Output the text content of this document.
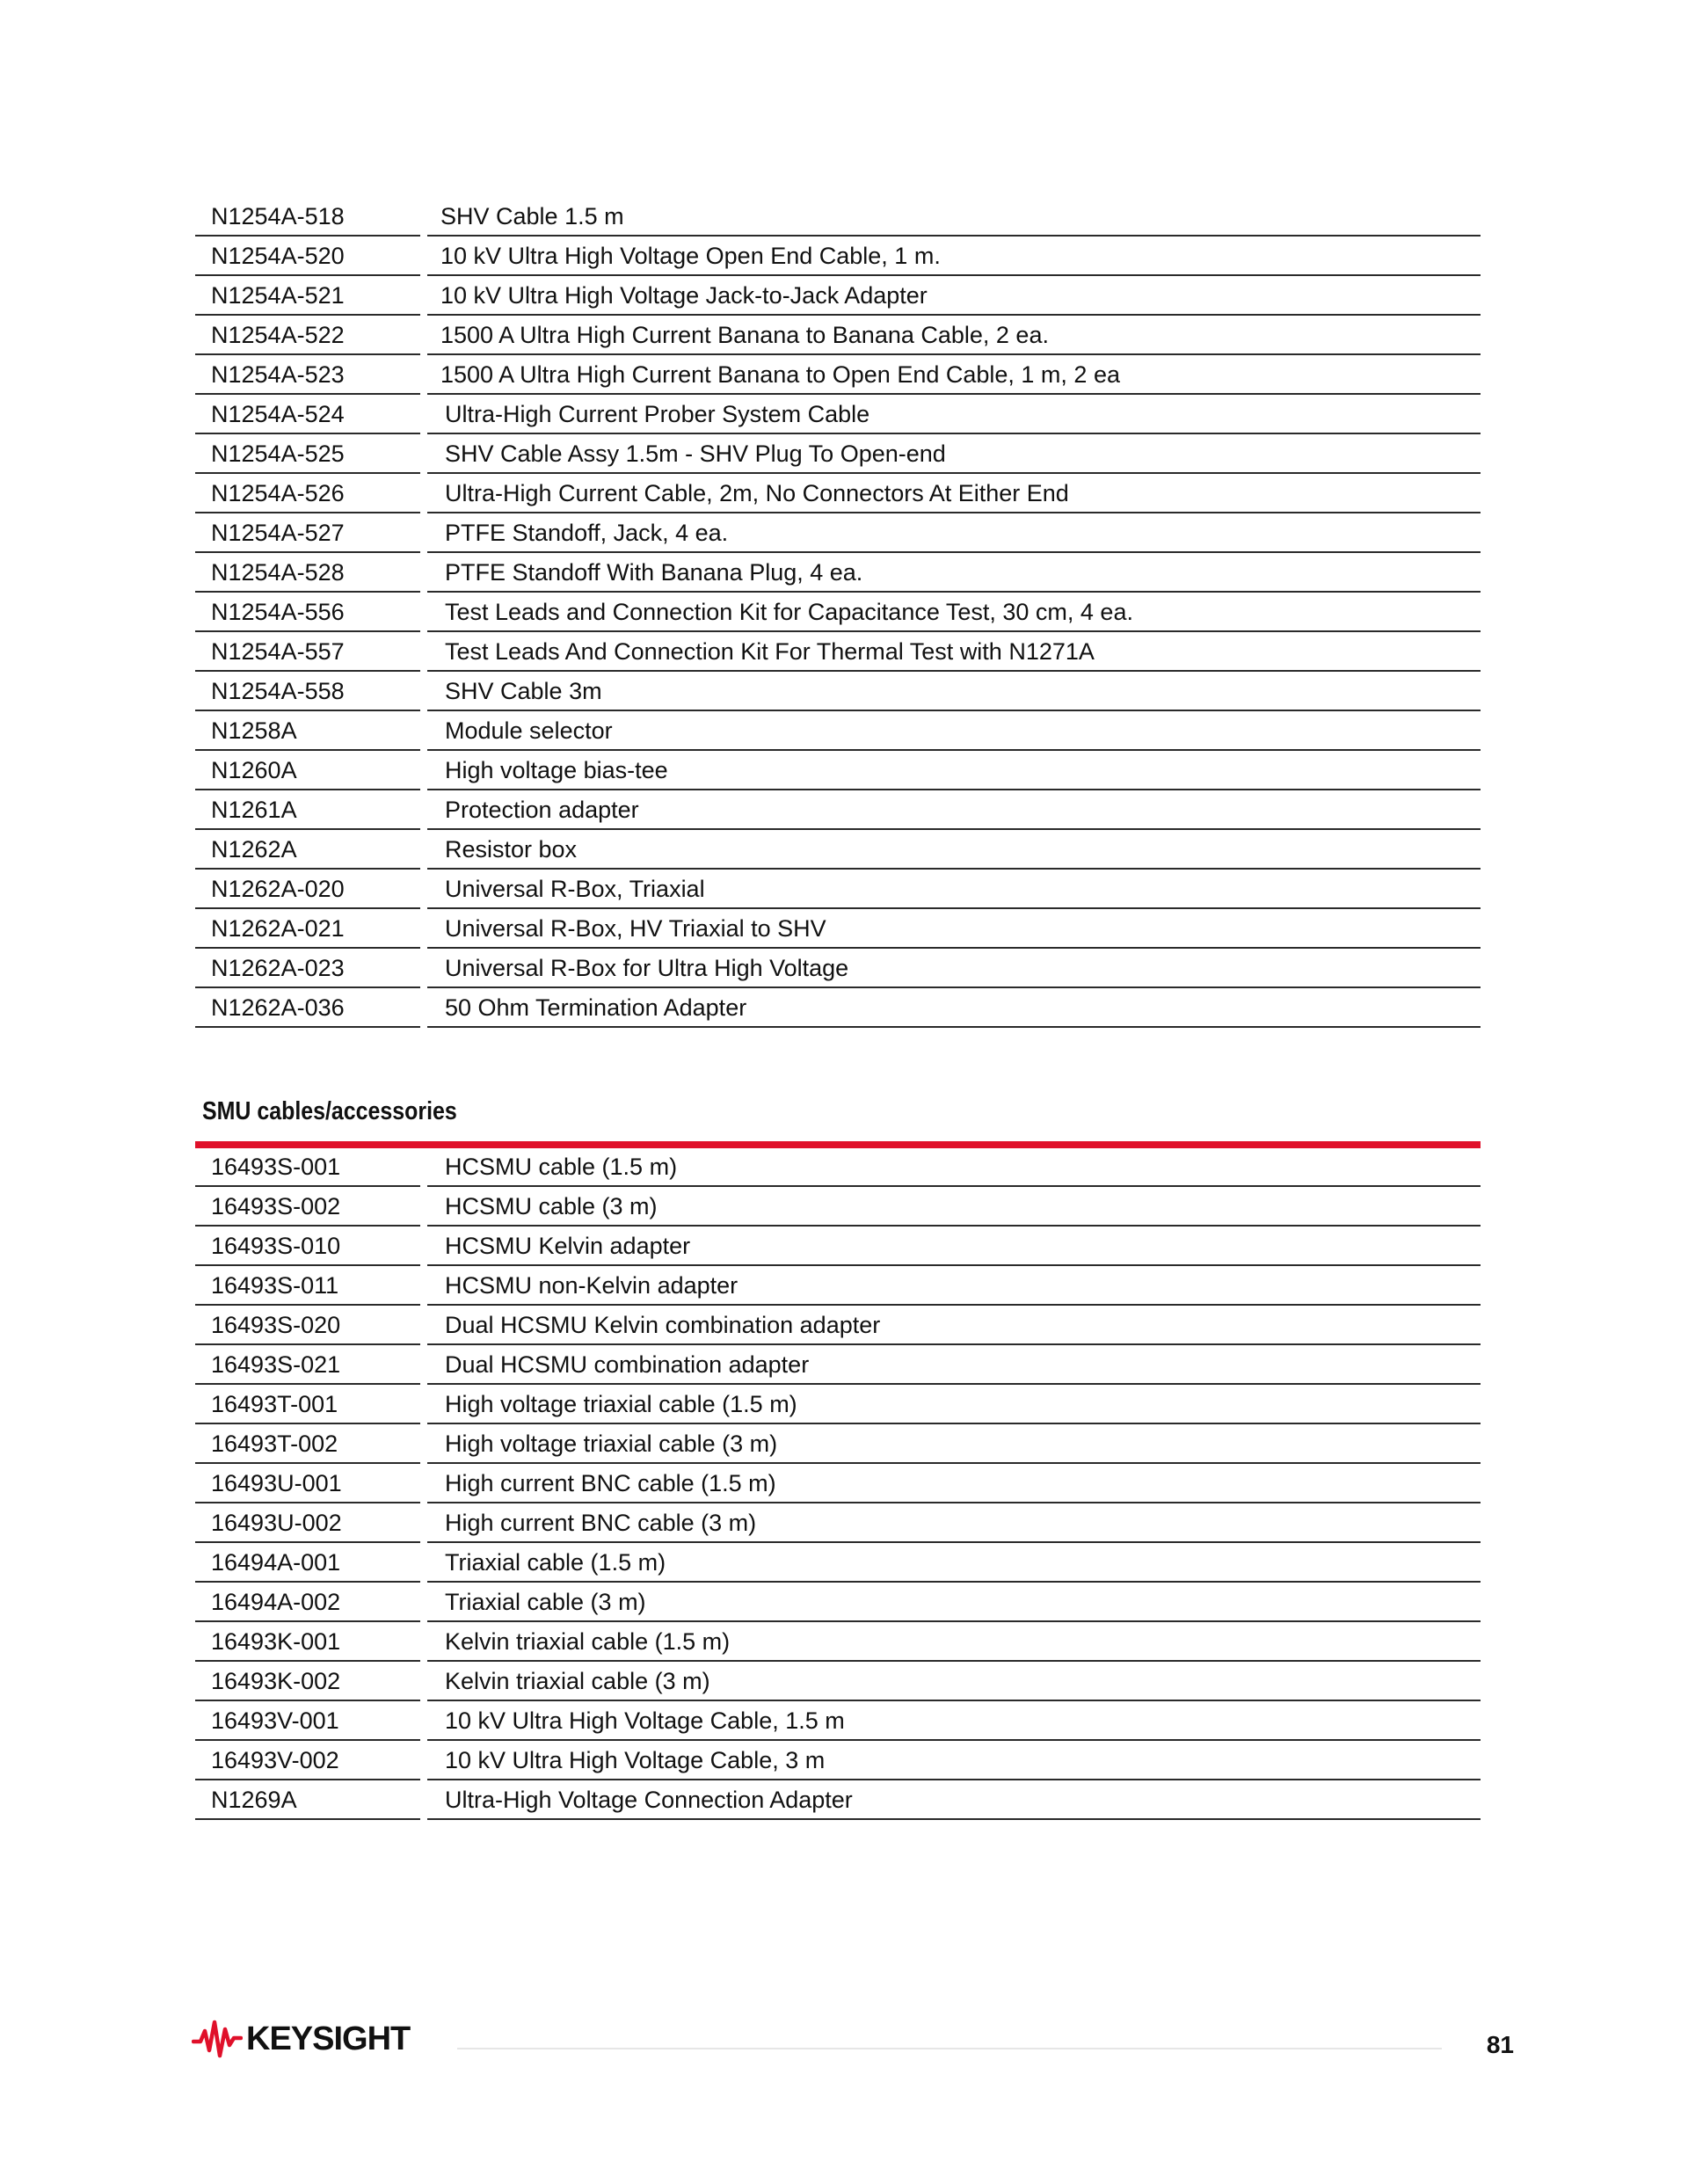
N1254A-518	SHV Cable 1.5 m
N1254A-520	10 kV Ultra High Voltage Open End Cable, 1 m.
N1254A-521	10 kV Ultra High Voltage Jack-to-Jack Adapter
N1254A-522	1500 A Ultra High Current Banana to Banana Cable, 2 ea.
N1254A-523	1500 A Ultra High Current Banana to Open End Cable, 1 m, 2 ea
N1254A-524	Ultra-High Current Prober System Cable
N1254A-525	SHV Cable Assy 1.5m - SHV Plug To Open-end
N1254A-526	Ultra-High Current Cable, 2m, No Connectors At Either End
N1254A-527	PTFE Standoff, Jack, 4 ea.
N1254A-528	PTFE Standoff With Banana Plug, 4 ea.
N1254A-556	Test Leads and Connection Kit for Capacitance Test, 30 cm, 4 ea.
N1254A-557	Test Leads And Connection Kit For Thermal Test with N1271A
N1254A-558	SHV Cable 3m
N1258A	Module selector
N1260A	High voltage bias-tee
N1261A	Protection adapter
N1262A	Resistor box
N1262A-020	Universal R-Box, Triaxial
N1262A-021	Universal R-Box, HV Triaxial to SHV
N1262A-023	Universal R-Box for Ultra High Voltage
N1262A-036	50 Ohm Termination Adapter
SMU cables/accessories
16493S-001	HCSMU cable (1.5 m)
16493S-002	HCSMU cable (3 m)
16493S-010	HCSMU Kelvin adapter
16493S-011	HCSMU non-Kelvin adapter
16493S-020	Dual HCSMU Kelvin combination adapter
16493S-021	Dual HCSMU combination adapter
16493T-001	High voltage triaxial cable (1.5 m)
16493T-002	High voltage triaxial cable (3 m)
16493U-001	High current BNC cable (1.5 m)
16493U-002	High current BNC cable (3 m)
16494A-001	Triaxial cable (1.5 m)
16494A-002	Triaxial cable (3 m)
16493K-001	Kelvin triaxial cable (1.5 m)
16493K-002	Kelvin triaxial cable (3 m)
16493V-001	10 kV Ultra High Voltage Cable, 1.5 m
16493V-002	10 kV Ultra High Voltage Cable, 3 m
N1269A	Ultra-High Voltage Connection Adapter
KEYSIGHT	81
